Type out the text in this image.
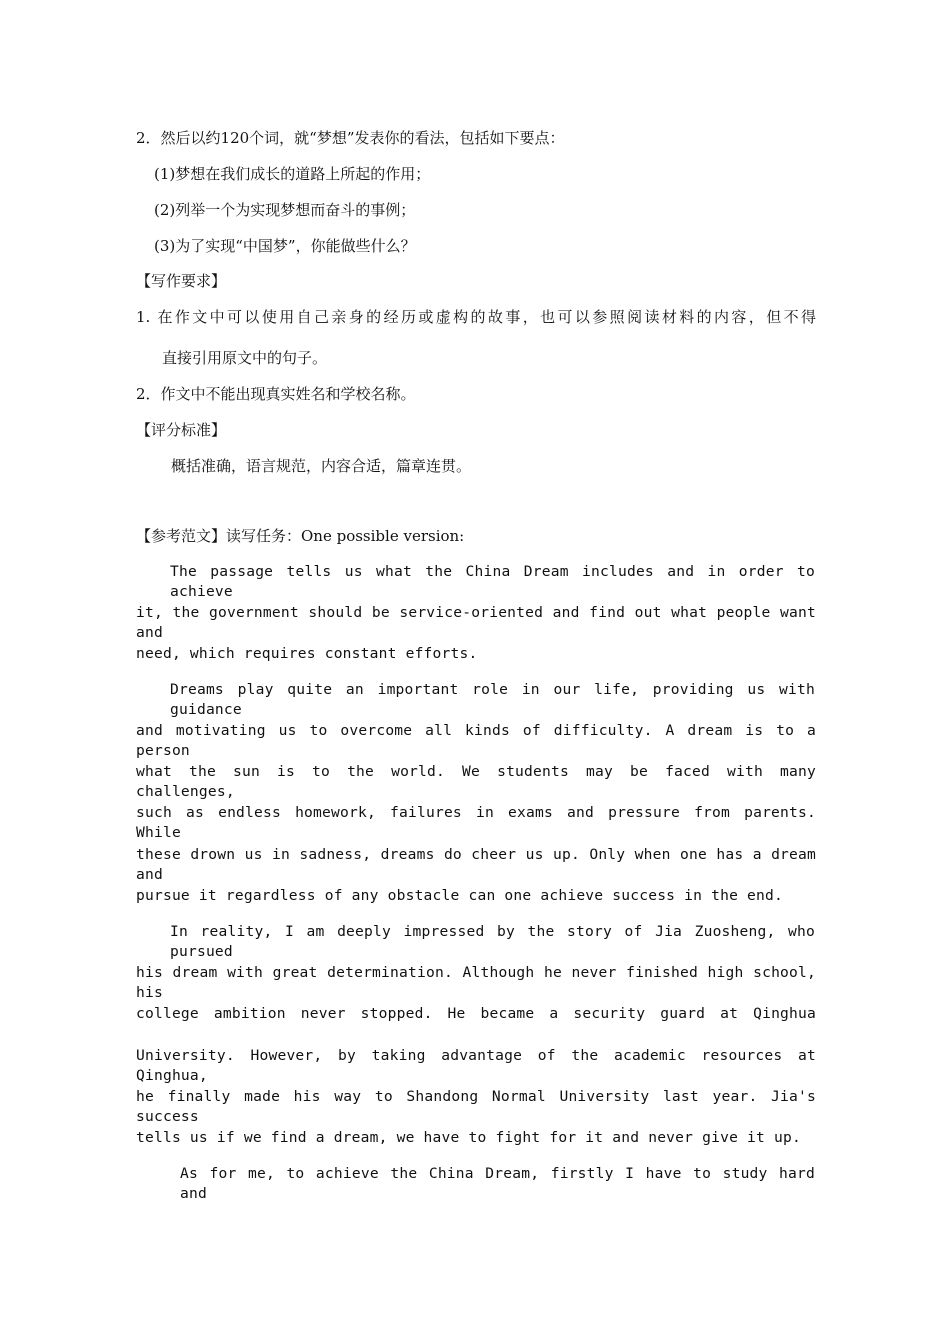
2．然后以约120个词，就“梦想”发表你的看法，包括如下要点：
(1)梦想在我们成长的道路上所起的作用；
(2)列举一个为实现梦想而奋斗的事例；
(3)为了实现“中国梦”，你能做些什么？
【写作要求】
1. 在作文中可以使用自己亲身的经历或虚构的故事，也可以参照阅读材料的内容，但不得
直接引用原文中的句子。
2．作文中不能出现真实姓名和学校名称。
【评分标准】
概括准确，语言规范，内容合适，篇章连贯。
【参考范文】读写任务：One possible version:
The passage tells us what the China Dream includes and in order to achieve
it, the government should be service-oriented and find out what people want and
need, which requires constant efforts.
Dreams play quite an important role in our life, providing us with guidance
and motivating us to overcome all kinds of difficulty. A dream is to a person
what the sun is to the world. We students may be faced with many challenges,
such as endless homework, failures in exams and pressure from parents. While
these drown us in sadness, dreams do cheer us up. Only when one has a dream and
pursue it regardless of any obstacle can one achieve success in the end.
In reality, I am deeply impressed by the story of Jia Zuosheng, who pursued
his dream with great determination. Although he never finished high school, his
college ambition never stopped. He became a security guard at Qinghua
University. However, by taking advantage of the academic resources at Qinghua,
he finally made his way to Shandong Normal University last year. Jia's success
tells us if we find a dream, we have to fight for it and never give it up.
As for me, to achieve the China Dream, firstly I have to study hard and
